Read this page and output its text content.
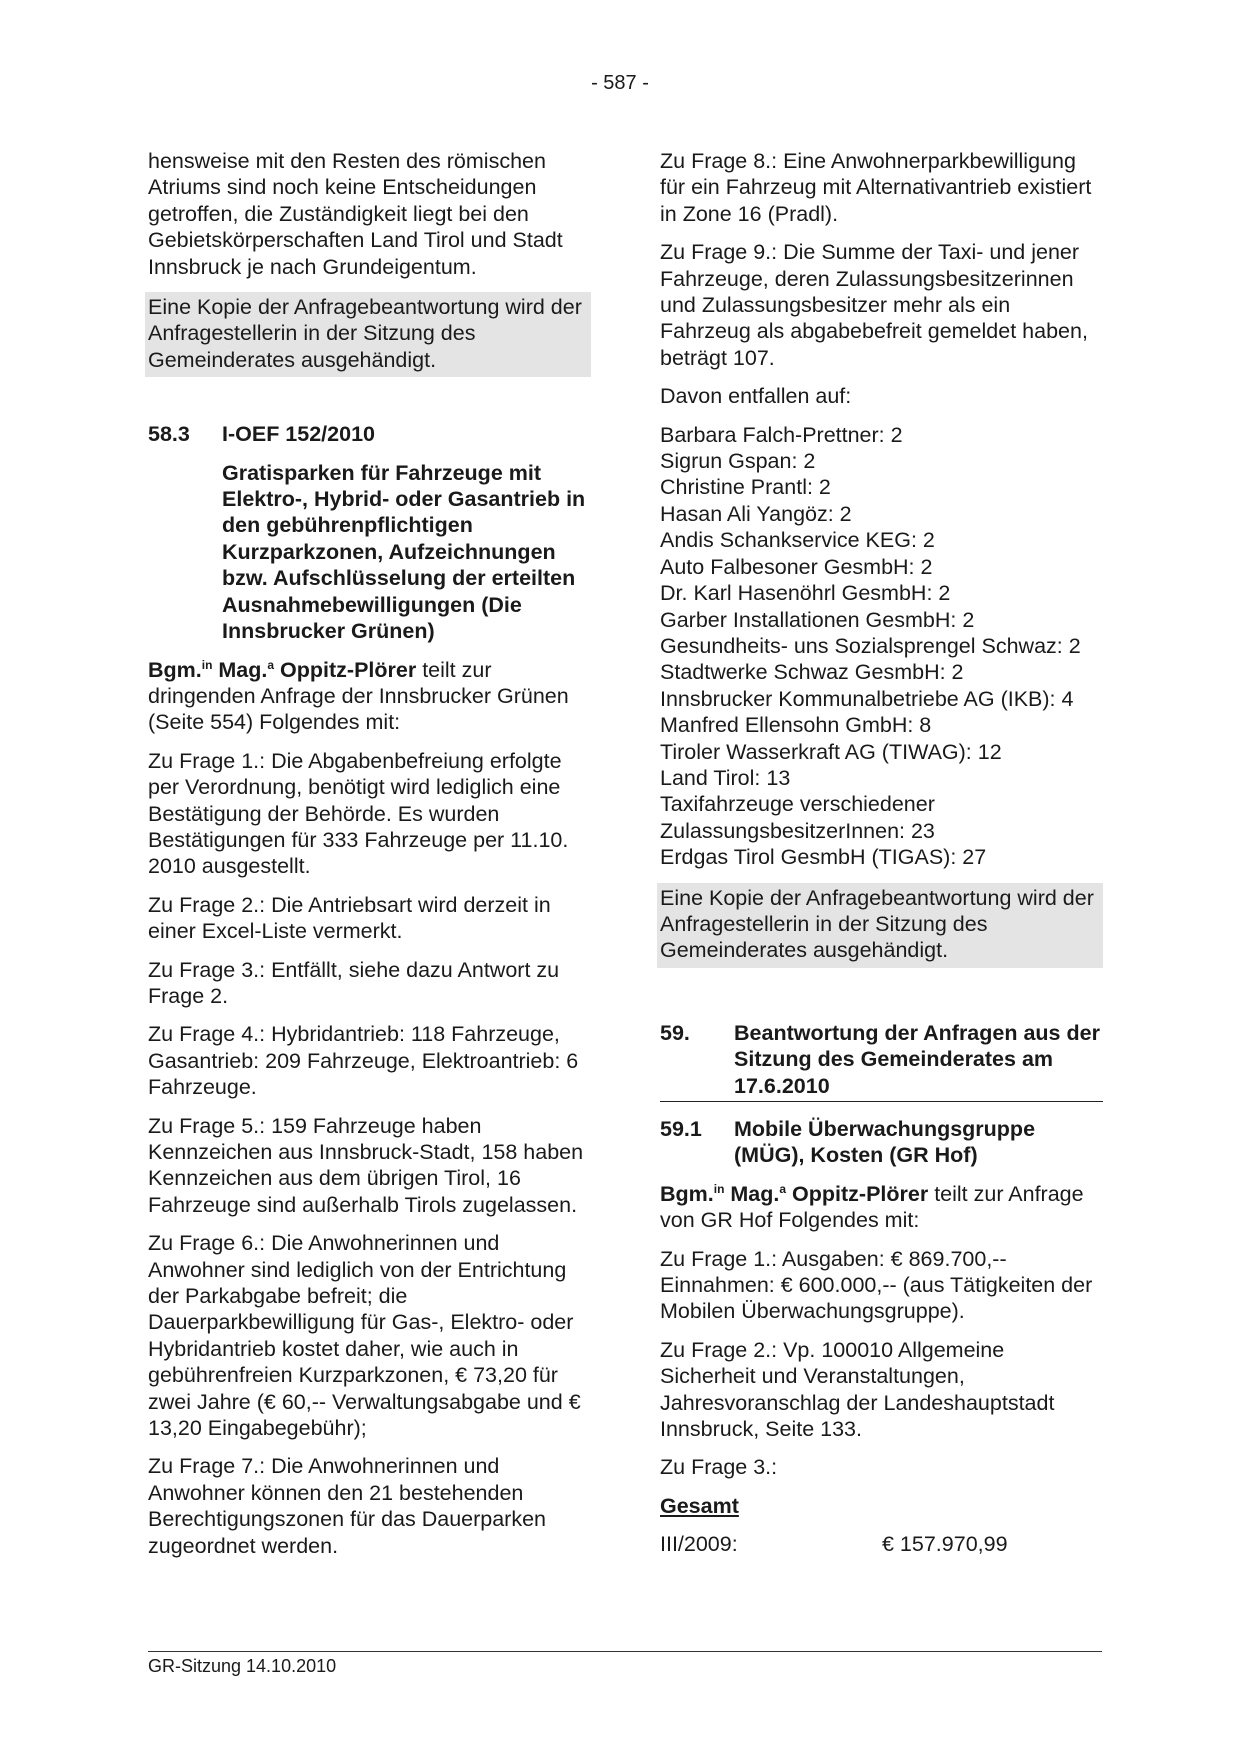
- 587 -

hensweise mit den Resten des römischen Atriums sind noch keine Entscheidungen getroffen, die Zuständigkeit liegt bei den Gebietskörperschaften Land Tirol und Stadt Innsbruck je nach Grundeigentum.

Eine Kopie der Anfragebeantwortung wird der Anfragestellerin in der Sitzung des Gemeinderates ausgehändigt.

58.3	I-OEF 152/2010

Gratisparken für Fahrzeuge mit Elektro-, Hybrid- oder Gasantrieb in den gebührenpflichtigen Kurzparkzonen, Aufzeichnungen bzw. Aufschlüsselung der erteilten Ausnahmebewilligungen (Die Innsbrucker Grünen)

Bgm.$^{in}$ Mag.$^a$ Oppitz-Plörer teilt zur dringenden Anfrage der Innsbrucker Grünen (Seite 554) Folgendes mit:

Zu Frage 1.: Die Abgabenbefreiung erfolgte per Verordnung, benötigt wird lediglich eine Bestätigung der Behörde. Es wurden Bestätigungen für 333 Fahrzeuge per 11.10. 2010 ausgestellt.

Zu Frage 2.: Die Antriebsart wird derzeit in einer Excel-Liste vermerkt.

Zu Frage 3.: Entfällt, siehe dazu Antwort zu Frage 2.

Zu Frage 4.: Hybridantrieb: 118 Fahrzeuge, Gasantrieb: 209 Fahrzeuge, Elektroantrieb: 6 Fahrzeuge.

Zu Frage 5.: 159 Fahrzeuge haben Kennzeichen aus Innsbruck-Stadt, 158 haben Kennzeichen aus dem übrigen Tirol, 16 Fahrzeuge sind außerhalb Tirols zugelassen.

Zu Frage 6.: Die Anwohnerinnen und Anwohner sind lediglich von der Entrichtung der Parkabgabe befreit; die Dauerparkbewilligung für Gas-, Elektro- oder Hybridantrieb kostet daher, wie auch in gebührenfreien Kurzparkzonen, € 73,20 für zwei Jahre (€ 60,-- Verwaltungsabgabe und € 13,20 Eingabegebühr);

Zu Frage 7.: Die Anwohnerinnen und Anwohner können den 21 bestehenden Berechtigungszonen für das Dauerparken zugeordnet werden.

Zu Frage 8.: Eine Anwohnerparkbewilligung für ein Fahrzeug mit Alternativantrieb existiert in Zone 16 (Pradl).

Zu Frage 9.: Die Summe der Taxi- und jener Fahrzeuge, deren Zulassungsbesitzerinnen und Zulassungsbesitzer mehr als ein Fahrzeug als abgabebefreit gemeldet haben, beträgt 107.

Davon entfallen auf:

Barbara Falch-Prettner: 2

Sigrun Gspan: 2

Christine Prantl: 2

Hasan Ali Yangöz: 2

Andis Schankservice KEG: 2

Auto Falbesoner GesmbH: 2

Dr. Karl Hasenöhrl GesmbH: 2

Garber Installationen GesmbH: 2

Gesundheits- uns Sozialsprengel Schwaz: 2

Stadtwerke Schwaz GesmbH: 2

Innsbrucker Kommunalbetriebe AG (IKB): 4

Manfred Ellensohn GmbH: 8

Tiroler Wasserkraft AG (TIWAG): 12

Land Tirol: 13

Taxifahrzeuge verschiedener ZulassungsbesitzerInnen: 23

Erdgas Tirol GesmbH (TIGAS): 27

Eine Kopie der Anfragebeantwortung wird der Anfragestellerin in der Sitzung des Gemeinderates ausgehändigt.

59.	Beantwortung der Anfragen aus der Sitzung des Gemeinderates am 17.6.2010
59.1	Mobile Überwachungsgruppe (MÜG), Kosten (GR Hof)

Bgm.$^{in}$ Mag.$^a$ Oppitz-Plörer teilt zur Anfrage von GR Hof Folgendes mit:

Zu Frage 1.: Ausgaben: € 869.700,-- Einnahmen: € 600.000,-- (aus Tätigkeiten der Mobilen Überwachungsgruppe).

Zu Frage 2.: Vp. 100010 Allgemeine Sicherheit und Veranstaltungen, Jahresvoranschlag der Landeshauptstadt Innsbruck, Seite 133.

Zu Frage 3.:

Gesamt

III/2009:	€ 157.970,99
GR-Sitzung 14.10.2010
